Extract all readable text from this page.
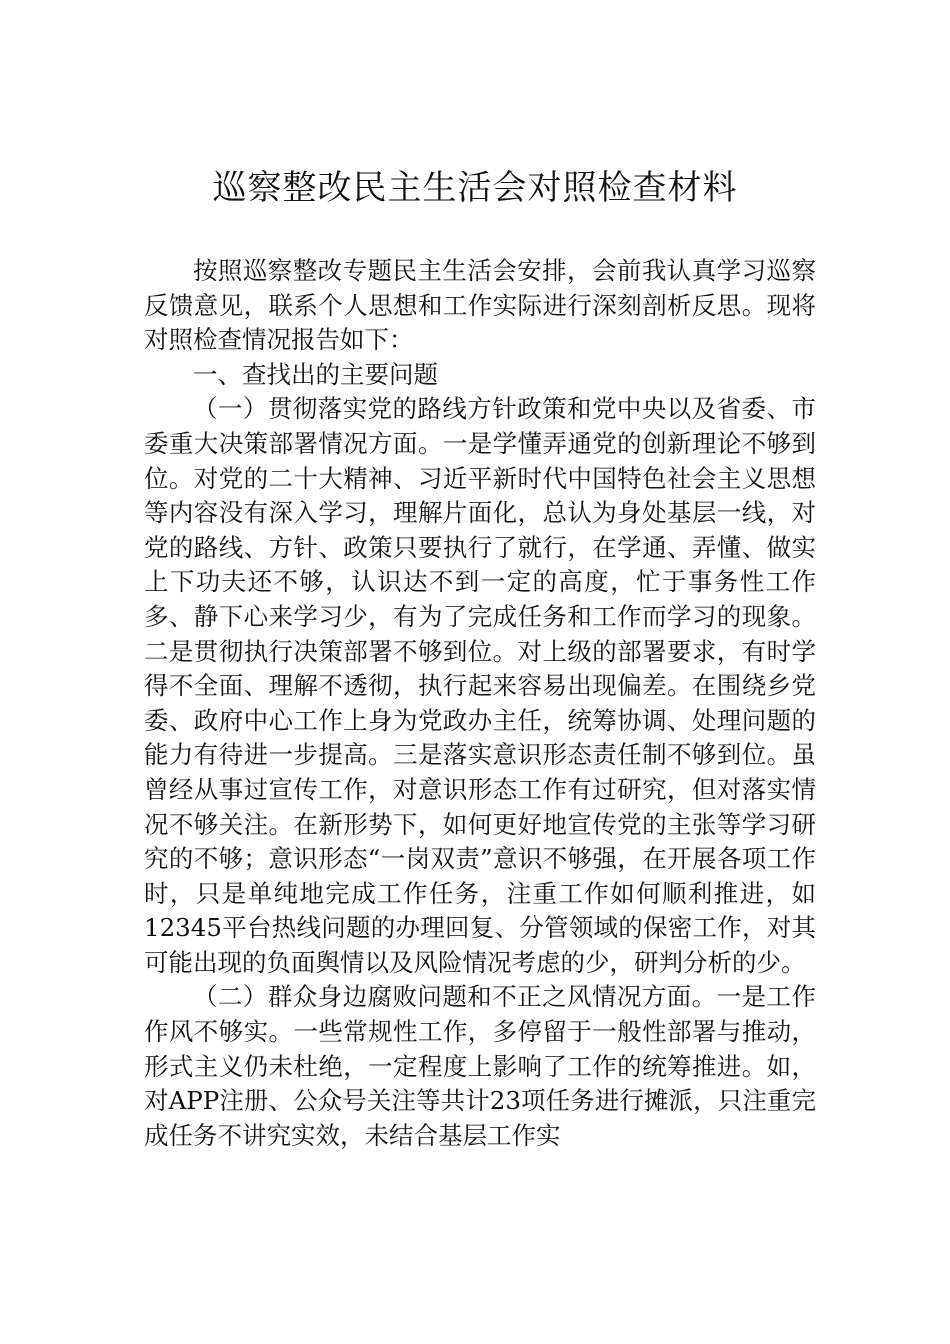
巡察整改民主生活会对照检查材料

按照巡察整改专题民主生活会安排，会前我认真学习巡察反馈意见，联系个人思想和工作实际进行深刻剖析反思。现将对照检查情况报告如下：

一、查找出的主要问题

（一）贯彻落实党的路线方针政策和党中央以及省委、市委重大决策部署情况方面。一是学懂弄通党的创新理论不够到位。对党的二十大精神、习近平新时代中国特色社会主义思想等内容没有深入学习，理解片面化，总认为身处基层一线，对党的路线、方针、政策只要执行了就行，在学通、弄懂、做实上下功夫还不够，认识达不到一定的高度，忙于事务性工作多、静下心来学习少，有为了完成任务和工作而学习的现象。二是贯彻执行决策部署不够到位。对上级的部署要求，有时学得不全面、理解不透彻，执行起来容易出现偏差。在围绕乡党委、政府中心工作上身为党政办主任，统筹协调、处理问题的能力有待进一步提高。三是落实意识形态责任制不够到位。虽曾经从事过宣传工作，对意识形态工作有过研究，但对落实情况不够关注。在新形势下，如何更好地宣传党的主张等学习研究的不够；意识形态“一岗双责”意识不够强，在开展各项工作时，只是单纯地完成工作任务，注重工作如何顺利推进，如12345平台热线问题的办理回复、分管领域的保密工作，对其可能出现的负面舆情以及风险情况考虑的少，研判分析的少。

（二）群众身边腐败问题和不正之风情况方面。一是工作作风不够实。一些常规性工作，多停留于一般性部署与推动，形式主义仍未杜绝，一定程度上影响了工作的统筹推进。如，对APP注册、公众号关注等共计23项任务进行摊派，只注重完成任务不讲究实效，未结合基层工作实
